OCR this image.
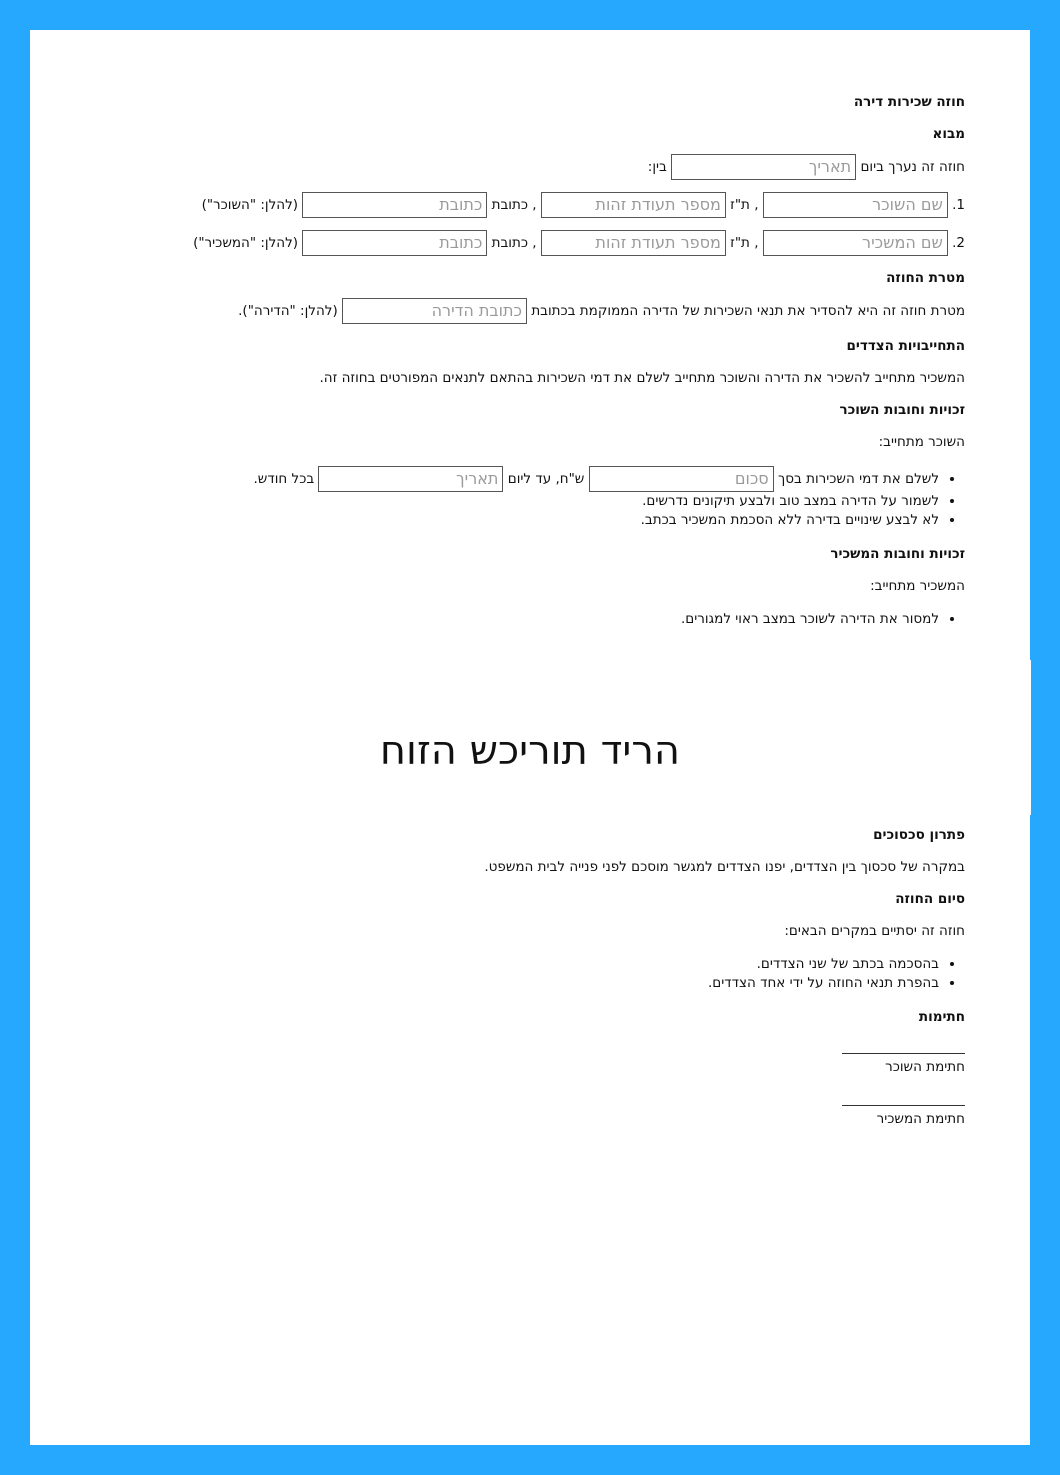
חוזה שכירות דירה
מבוא
חוזה זה נערך ביום תאריך בין:
1. שם השוכר , ת"ז מספר תעודת זהות , כתובת כתובת (להלן: "השוכר")
2. שם המשכיר , ת"ז מספר תעודת זהות , כתובת כתובת (להלן: "המשכיר")
מטרת החוזה
מטרת חוזה זה היא להסדיר את תנאי השכירות של הדירה הממוקמת בכתובת כתובת הדירה (להלן: "הדירה").
התחייבויות הצדדים
המשכיר מתחייב להשכיר את הדירה והשוכר מתחייב לשלם את דמי השכירות בהתאם לתנאים המפורטים בחוזה זה.
זכויות וחובות השוכר
השוכר מתחייב:
• לשלם את דמי השכירות בסך סכום ש"ח, עד ליום תאריך בכל חודש.
• לשמור על הדירה במצב טוב ולבצע תיקונים נדרשים.
• לא לבצע שינויים בדירה ללא הסכמת המשכיר בכתב.
זכויות וחובות המשכיר
המשכיר מתחייב:
• למסור את הדירה לשוכר במצב ראוי למגורים.
חוזה שכירות דירה
פתרון סכסוכים
במקרה של סכסוך בין הצדדים, יפנו הצדדים למגשר מוסכם לפני פנייה לבית המשפט.
סיום החוזה
חוזה זה יסתיים במקרים הבאים:
• בהסכמה בכתב של שני הצדדים.
• בהפרת תנאי החוזה על ידי אחד הצדדים.
חתימות
חתימת השוכר
חתימת המשכיר
